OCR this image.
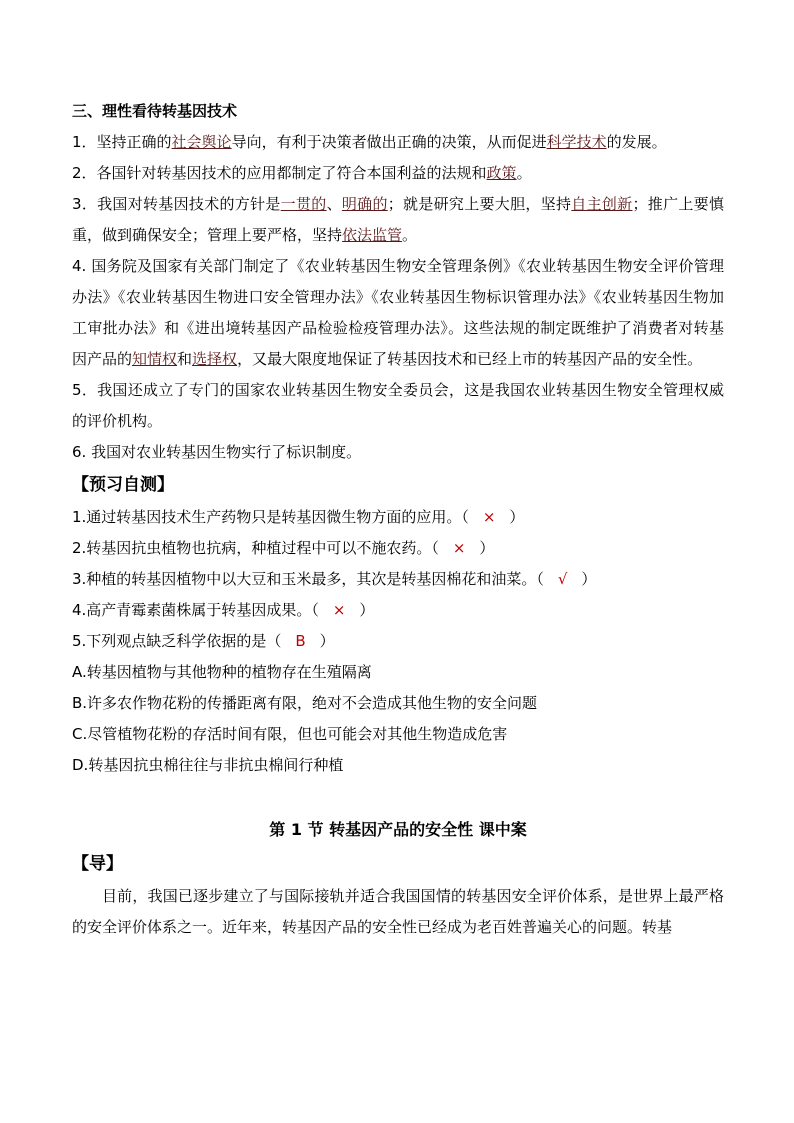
三、理性看待转基因技术
1．坚持正确的社会舆论导向，有利于决策者做出正确的决策，从而促进科学技术的发展。
2．各国针对转基因技术的应用都制定了符合本国利益的法规和政策。
3．我国对转基因技术的方针是一贯的、明确的；就是研究上要大胆，坚持自主创新；推广上要慎重，做到确保安全；管理上要严格，坚持依法监管。
4. 国务院及国家有关部门制定了《农业转基因生物安全管理条例》《农业转基因生物安全评价管理办法》《农业转基因生物进口安全管理办法》《农业转基因生物标识管理办法》《农业转基因生物加工审批办法》和《进出境转基因产品检验检疫管理办法》。这些法规的制定既维护了消费者对转基因产品的知情权和选择权，又最大限度地保证了转基因技术和已经上市的转基因产品的安全性。
5．我国还成立了专门的国家农业转基因生物安全委员会，这是我国农业转基因生物安全管理权威的评价机构。
6. 我国对农业转基因生物实行了标识制度。
【预习自测】
1.通过转基因技术生产药物只是转基因微生物方面的应用。（ × ）
2.转基因抗虫植物也抗病，种植过程中可以不施农药。（ × ）
3.种植的转基因植物中以大豆和玉米最多，其次是转基因棉花和油菜。（ √ ）
4.高产青霉素菌株属于转基因成果。（ × ）
5.下列观点缺乏科学依据的是（ B ）
A.转基因植物与其他物种的植物存在生殖隔离
B.许多农作物花粉的传播距离有限，绝对不会造成其他生物的安全问题
C.尽管植物花粉的存活时间有限，但也可能会对其他生物造成危害
D.转基因抗虫棉往往与非抗虫棉间行种植
第 1 节 转基因产品的安全性 课中案
【导】
目前，我国已逐步建立了与国际接轨并适合我国国情的转基因安全评价体系，是世界上最严格的安全评价体系之一。近年来，转基因产品的安全性已经成为老百姓普遍关心的问题。转基
